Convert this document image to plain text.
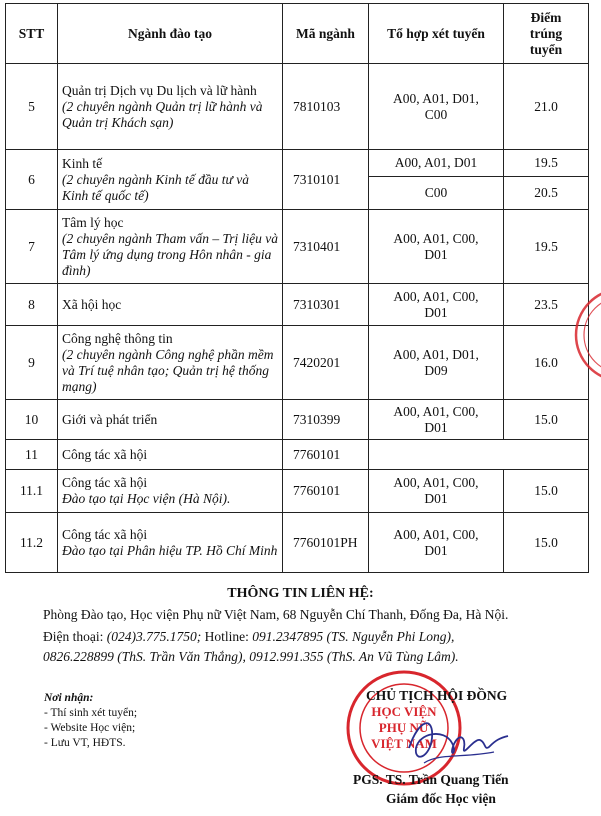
STT	Ngành đào tạo	Mã ngành	Tổ hợp xét tuyển	Điểm
trúng
tuyển

5	Quản trị Dịch vụ Du lịch và lữ hành
(2 chuyên ngành Quản trị lữ hành và Quản trị Khách sạn)	7810103	A00, A01, D01,
C00	21.0
6	Kinh tế
(2 chuyên ngành Kinh tế đầu tư và Kinh tế quốc tế)	7310101	A00, A01, D01	19.5
			C00	20.5
7	Tâm lý học
(2 chuyên ngành Tham vấn – Trị liệu và Tâm lý ứng dụng trong Hôn nhân - gia đình)	7310401	A00, A01, C00,
D01	19.5
8	Xã hội học	7310301	A00, A01, C00,
D01	23.5
9	Công nghệ thông tin
(2 chuyên ngành Công nghệ phần mềm và Trí tuệ nhân tạo; Quản trị hệ thống mạng)	7420201	A00, A01, D01,
D09	16.0
10	Giới và phát triển	7310399	A00, A01, C00,
D01	15.0
11	Công tác xã hội	7760101		
11.1	Công tác xã hội
Đào tạo tại Học viện (Hà Nội).	7760101	A00, A01, C00,
D01	15.0
11.2	Công tác xã hội
Đào tạo tại Phân hiệu TP. Hồ Chí Minh	7760101PH	A00, A01, C00,
D01	15.0
THÔNG TIN LIÊN HỆ:
Phòng Đào tạo, Học viện Phụ nữ Việt Nam, 68 Nguyễn Chí Thanh, Đống Đa, Hà Nội.
Điện thoại: (024)3.775.1750; Hotline: 091.2347895 (TS. Nguyễn Phi Long),
0826.228899 (ThS. Trần Văn Thắng), 0912.991.355 (ThS. An Vũ Tùng Lâm).
Nơi nhận:
- Thí sinh xét tuyển;
- Website Học viện;
- Lưu VT, HĐTS.
HỌC VIỆN
PHỤ NỮ
VIỆT NAM
CHỦ TỊCH HỘI ĐỒNG
PGS. TS. Trần Quang Tiến
Giám đốc Học viện
